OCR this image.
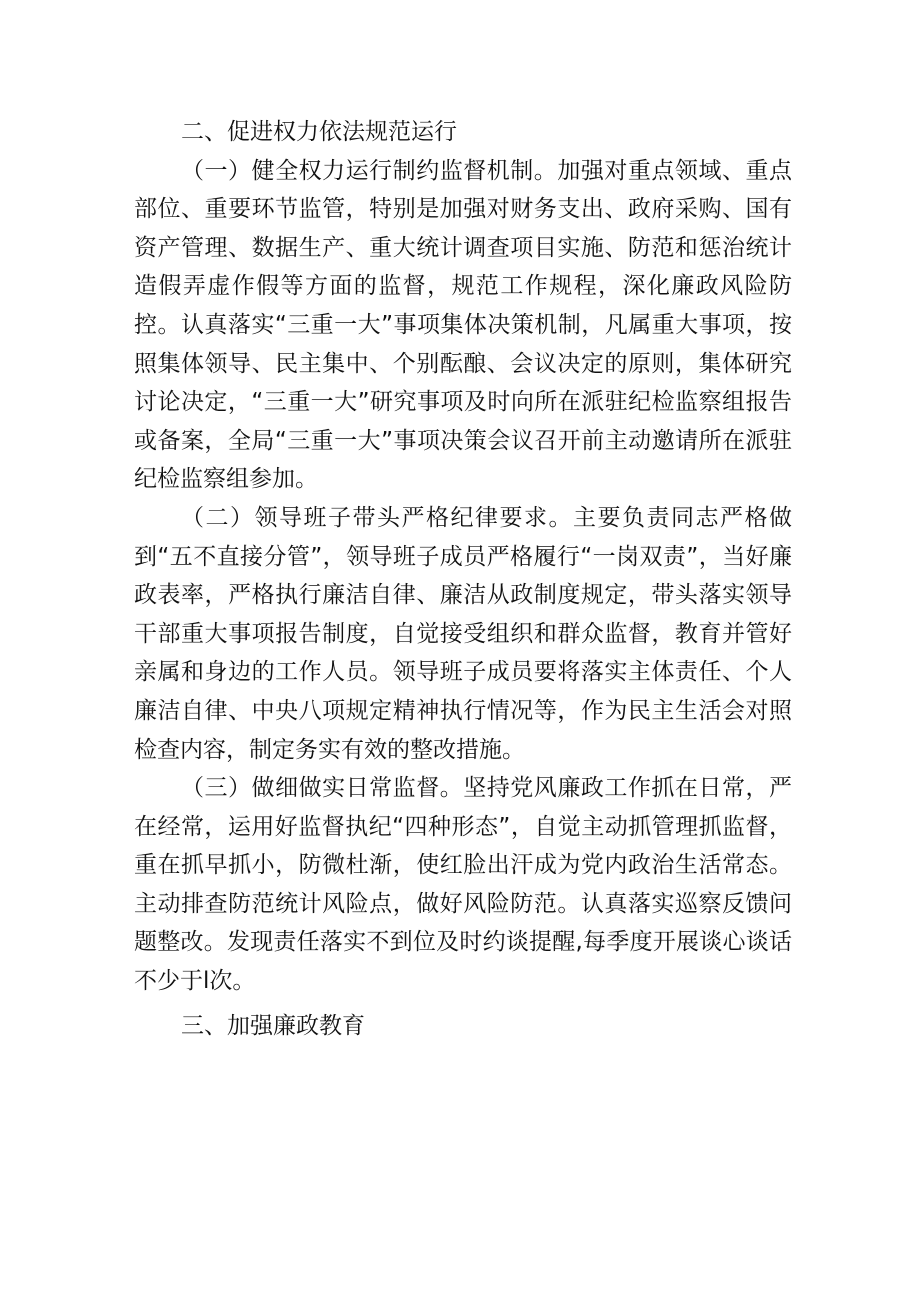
二、促进权力依法规范运行

（一）健全权力运行制约监督机制。加强对重点领域、重点部位、重要环节监管，特别是加强对财务支出、政府采购、国有资产管理、数据生产、重大统计调查项目实施、防范和惩治统计造假弄虚作假等方面的监督，规范工作规程，深化廉政风险防控。认真落实“三重一大”事项集体决策机制，凡属重大事项，按照集体领导、民主集中、个别酝酿、会议决定的原则，集体研究讨论决定，“三重一大”研究事项及时向所在派驻纪检监察组报告或备案，全局“三重一大”事项决策会议召开前主动邀请所在派驻纪检监察组参加。

（二）领导班子带头严格纪律要求。主要负责同志严格做到“五不直接分管”，领导班子成员严格履行“一岗双责”，当好廉政表率，严格执行廉洁自律、廉洁从政制度规定，带头落实领导干部重大事项报告制度，自觉接受组织和群众监督，教育并管好亲属和身边的工作人员。领导班子成员要将落实主体责任、个人廉洁自律、中央八项规定精神执行情况等，作为民主生活会对照检查内容，制定务实有效的整改措施。

（三）做细做实日常监督。坚持党风廉政工作抓在日常，严在经常，运用好监督执纪“四种形态”，自觉主动抓管理抓监督，重在抓早抓小，防微杜渐，使红脸出汗成为党内政治生活常态。主动排查防范统计风险点，做好风险防范。认真落实巡察反馈问题整改。发现责任落实不到位及时约谈提醒,每季度开展谈心谈话不少于l次。

三、加强廉政教育
